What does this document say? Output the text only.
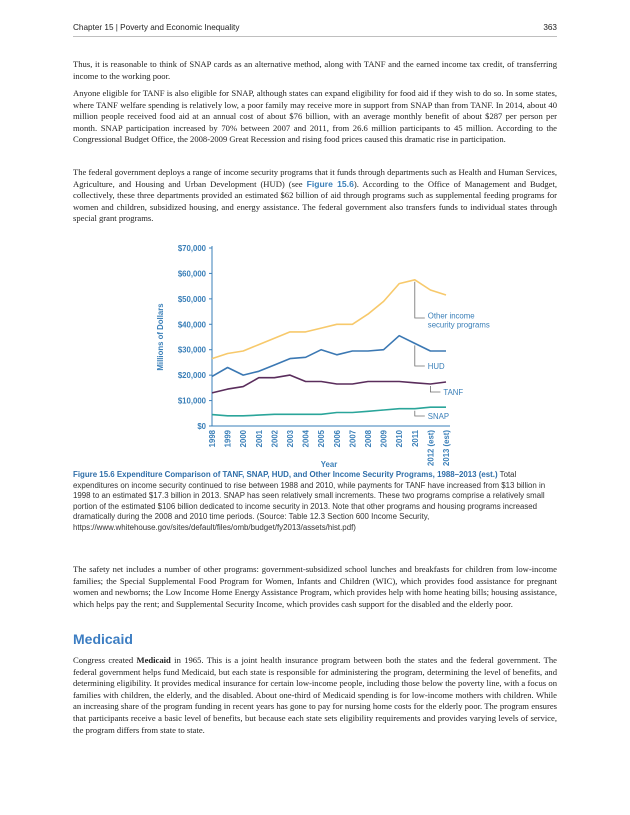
Chapter 15 | Poverty and Economic Inequality	363

Thus, it is reasonable to think of SNAP cards as an alternative method, along with TANF and the earned income tax credit, of transferring income to the working poor.

Anyone eligible for TANF is also eligible for SNAP, although states can expand eligibility for food aid if they wish to do so. In some states, where TANF welfare spending is relatively low, a poor family may receive more in support from SNAP than from TANF. In 2014, about 40 million people received food aid at an annual cost of about $76 billion, with an average monthly benefit of about $287 per person per month. SNAP participation increased by 70% between 2007 and 2011, from 26.6 million participants to 45 million. According to the Congressional Budget Office, the 2008-2009 Great Recession and rising food prices caused this dramatic rise in participation.

The federal government deploys a range of income security programs that it funds through departments such as Health and Human Services, Agriculture, and Housing and Urban Development (HUD) (see Figure 15.6). According to the Office of Management and Budget, collectively, these three departments provided an estimated $62 billion of aid through programs such as supplemental feeding programs for women and children, subsidized housing, and energy assistance. The federal government also transfers funds to individual states through special grant programs.

$0
$10,000
$20,000
$30,000
$40,000
$50,000
$60,000
$70,000
1998 1999 2000 2001 2002 2003 2004 2005 2006 2007 2008 2009 2010 2011 2012 (est) 2013 (est)
Millions of Dollars
Year
Other income
security programs
HUD
TANF
SNAP

Figure 15.6 Expenditure Comparison of TANF, SNAP, HUD, and Other Income Security Programs, 1988–2013 (est.) Total expenditures on income security continued to rise between 1988 and 2010, while payments for TANF have increased from $13 billion in 1998 to an estimated $17.3 billion in 2013. SNAP has seen relatively small increments. These two programs comprise a relatively small portion of the estimated $106 billion dedicated to income security in 2013. Note that other programs and housing programs increased dramatically during the 2008 and 2010 time periods. (Source: Table 12.3 Section 600 Income Security, https://www.whitehouse.gov/sites/default/files/omb/budget/fy2013/assets/hist.pdf)

The safety net includes a number of other programs: government-subsidized school lunches and breakfasts for children from low-income families; the Special Supplemental Food Program for Women, Infants and Children (WIC), which provides food assistance for pregnant women and newborns; the Low Income Home Energy Assistance Program, which provides help with home heating bills; housing assistance, which helps pay the rent; and Supplemental Security Income, which provides cash support for the disabled and the elderly poor.

Medicaid

Congress created Medicaid in 1965. This is a joint health insurance program between both the states and the federal government. The federal government helps fund Medicaid, but each state is responsible for administering the program, determining the level of benefits, and determining eligibility. It provides medical insurance for certain low-income people, including those below the poverty line, with a focus on families with children, the elderly, and the disabled. About one-third of Medicaid spending is for low-income mothers with children. While an increasing share of the program funding in recent years has gone to pay for nursing home costs for the elderly poor. The program ensures that participants receive a basic level of benefits, but because each state sets eligibility requirements and provides varying levels of service, the program differs from state to state.
